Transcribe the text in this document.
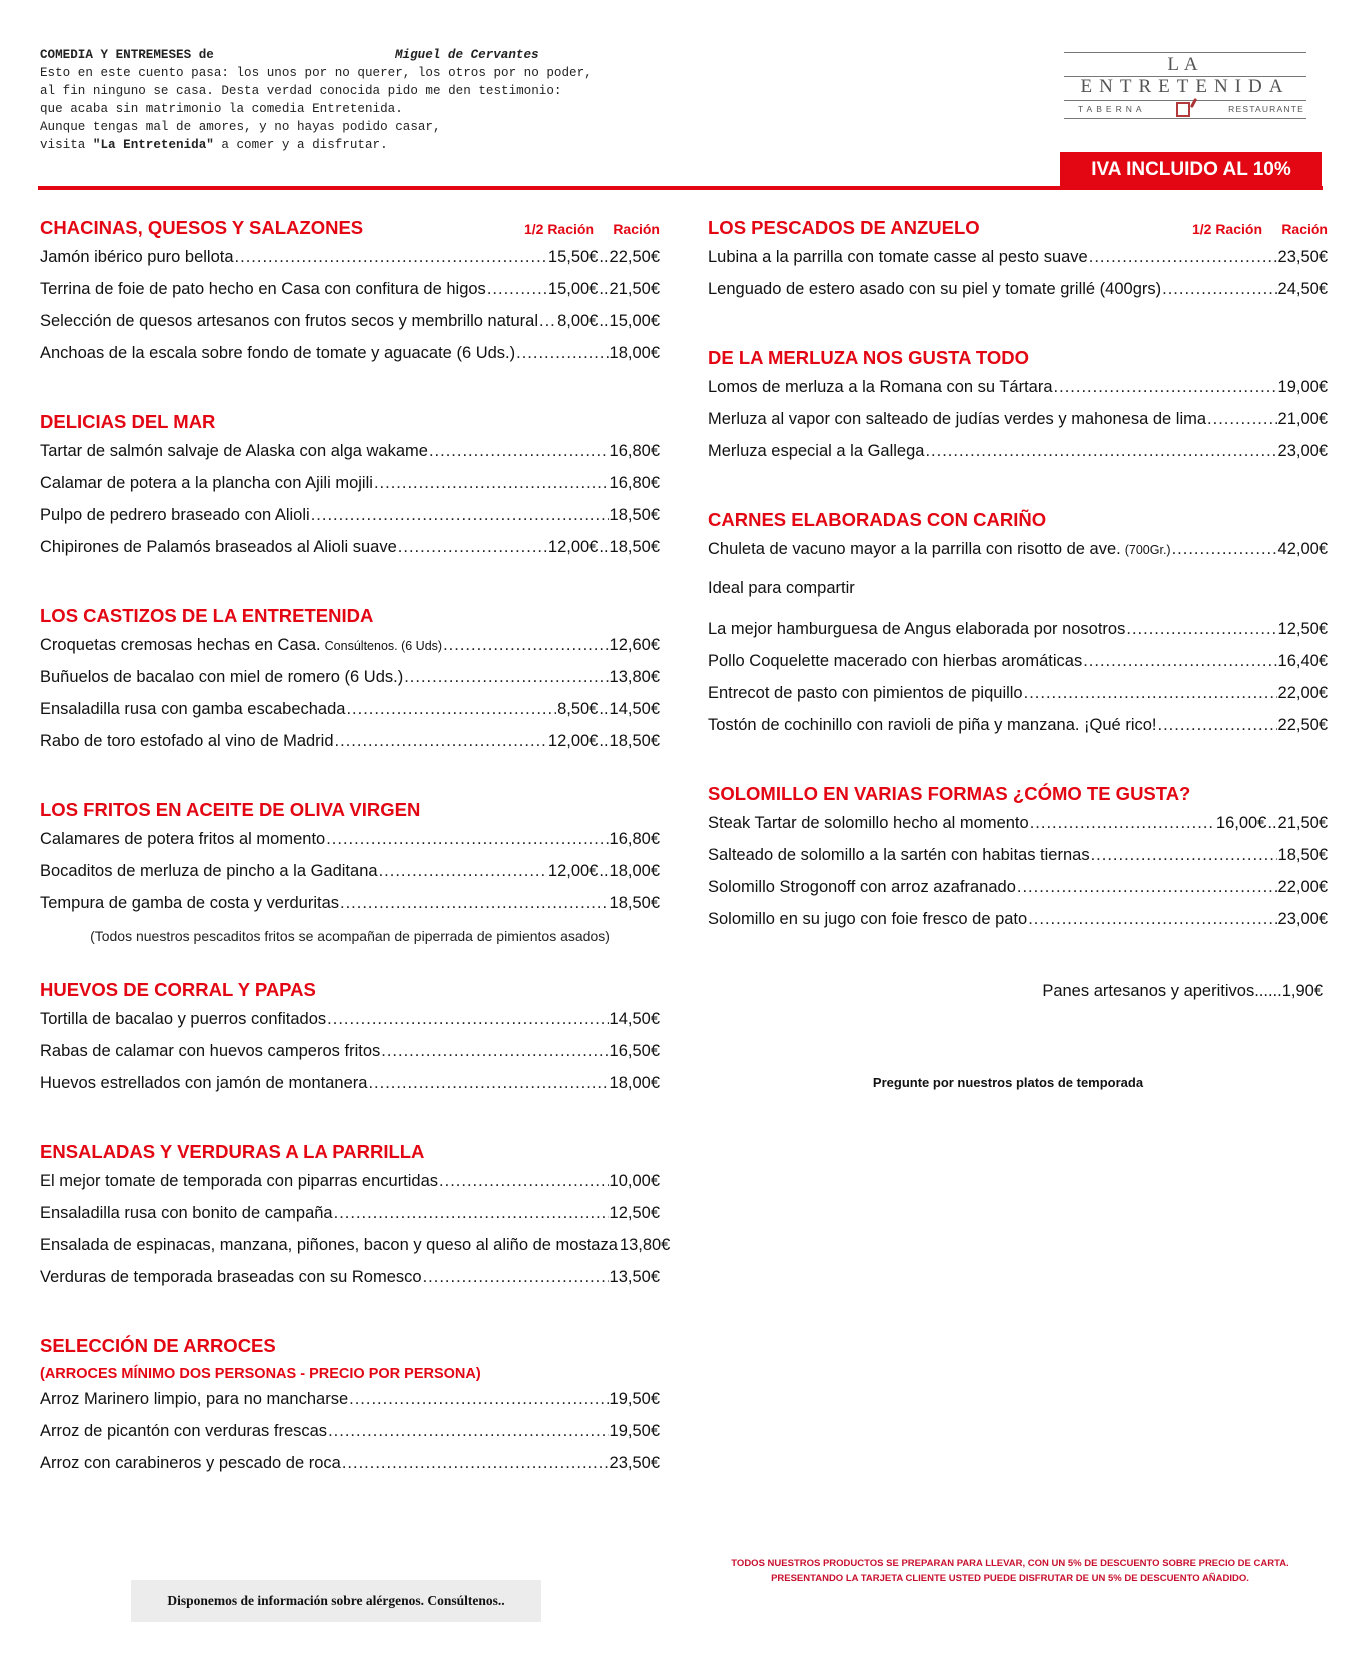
COMEDIA Y ENTREMESES de	Miguel de Cervantes
Esto en este cuento pasa: los unos por no querer, los otros por no poder,
al fin ninguno se casa. Desta verdad conocida pido me den testimonio:
que acaba sin matrimonio la comedia Entretenida.
Aunque tengas mal de amores, y no hayas podido casar,
visita "La Entretenida" a comer y a disfrutar.
LA
ENTRETENIDA
TABERNA	RESTAURANTE
IVA INCLUIDO AL 10%
CHACINAS, QUESOS Y SALAZONES	1/2 Ración Ración
Jamón ibérico puro bellota .....	15,50€ .. 22,50€
Terrina de foie de pato hecho en Casa con confitura de higos .....	15,00€ .. 21,50€
Selección de quesos artesanos con frutos secos y membrillo natural ..... 8,00€ .. 15,00€
Anchoas de la escala sobre fondo de tomate y aguacate (6 Uds.) .....	18,00€
DELICIAS DEL MAR
Tartar de salmón salvaje de Alaska con alga wakame .....	16,80€
Calamar de potera a la plancha con Ajili mojili .....	16,80€
Pulpo de pedrero braseado con Alioli .....	18,50€
Chipirones de Palamós braseados al Alioli suave .....	12,00€ .. 18,50€
LOS CASTIZOS DE LA ENTRETENIDA
Croquetas cremosas hechas en Casa. Consúltenos. (6 Uds) .....	12,60€
Buñuelos de bacalao con miel de romero (6 Uds.) .....	13,80€
Ensaladilla rusa con gamba escabechada .....	8,50€ .. 14,50€
Rabo de toro estofado al vino de Madrid .....	12,00€ .. 18,50€
LOS FRITOS EN ACEITE DE OLIVA VIRGEN
Calamares de potera fritos al momento .....	16,80€
Bocaditos de merluza de pincho a la Gaditana .....	12,00€ .. 18,00€
Tempura de gamba de costa y verduritas .....	18,50€
(Todos nuestros pescaditos fritos se acompañan de piperrada de pimientos asados)
HUEVOS DE CORRAL Y PAPAS
Tortilla de bacalao y puerros confitados .....	14,50€
Rabas de calamar con huevos camperos fritos .....	16,50€
Huevos estrellados con jamón de montanera .....	18,00€
ENSALADAS Y VERDURAS A LA PARRILLA
El mejor tomate de temporada con piparras encurtidas .....	10,00€
Ensaladilla rusa con bonito de campaña .....	12,50€
Ensalada de espinacas, manzana, piñones, bacon y queso al aliño de mostaza 13,80€
Verduras de temporada braseadas con su Romesco .....	13,50€
SELECCIÓN DE ARROCES
(ARROCES MÍNIMO DOS PERSONAS - PRECIO POR PERSONA)
Arroz Marinero limpio, para no mancharse .....	19,50€
Arroz de picantón con verduras frescas .....	19,50€
Arroz con carabineros y pescado de roca .....	23,50€
LOS PESCADOS DE ANZUELO	1/2 Ración Ración
Lubina a la parrilla con tomate casse al pesto suave .....	23,50€
Lenguado de estero asado con su piel y tomate grillé (400grs) .....	24,50€
DE LA MERLUZA NOS GUSTA TODO
Lomos de merluza a la Romana con su Tártara .....	19,00€
Merluza al vapor con salteado de judías verdes y mahonesa de lima .....	21,00€
Merluza especial a la Gallega .....	23,00€
CARNES ELABORADAS CON CARIÑO
Chuleta de vacuno mayor a la parrilla con risotto de ave. (700Gr.) .....	42,00€
Ideal para compartir
La mejor hamburguesa de Angus elaborada por nosotros .....	12,50€
Pollo Coquelette macerado con hierbas aromáticas .....	16,40€
Entrecot de pasto con pimientos de piquillo .....	22,00€
Tostón de cochinillo con ravioli de piña y manzana. ¡Qué rico! .....	22,50€
SOLOMILLO EN VARIAS FORMAS ¿CÓMO TE GUSTA?
Steak Tartar de solomillo hecho al momento .....	16,00€ .. 21,50€
Salteado de solomillo a la sartén con habitas tiernas .....	18,50€
Solomillo Strogonoff con arroz azafranado .....	22,00€
Solomillo en su jugo con foie fresco de pato .....	23,00€
Panes artesanos y aperitivos......1,90€
Pregunte por nuestros platos de temporada
TODOS NUESTROS PRODUCTOS SE PREPARAN PARA LLEVAR, CON UN 5% DE DESCUENTO SOBRE PRECIO DE CARTA.
PRESENTANDO LA TARJETA CLIENTE USTED PUEDE DISFRUTAR DE UN 5% DE DESCUENTO AÑADIDO.
Disponemos de información sobre alérgenos. Consúltenos..
